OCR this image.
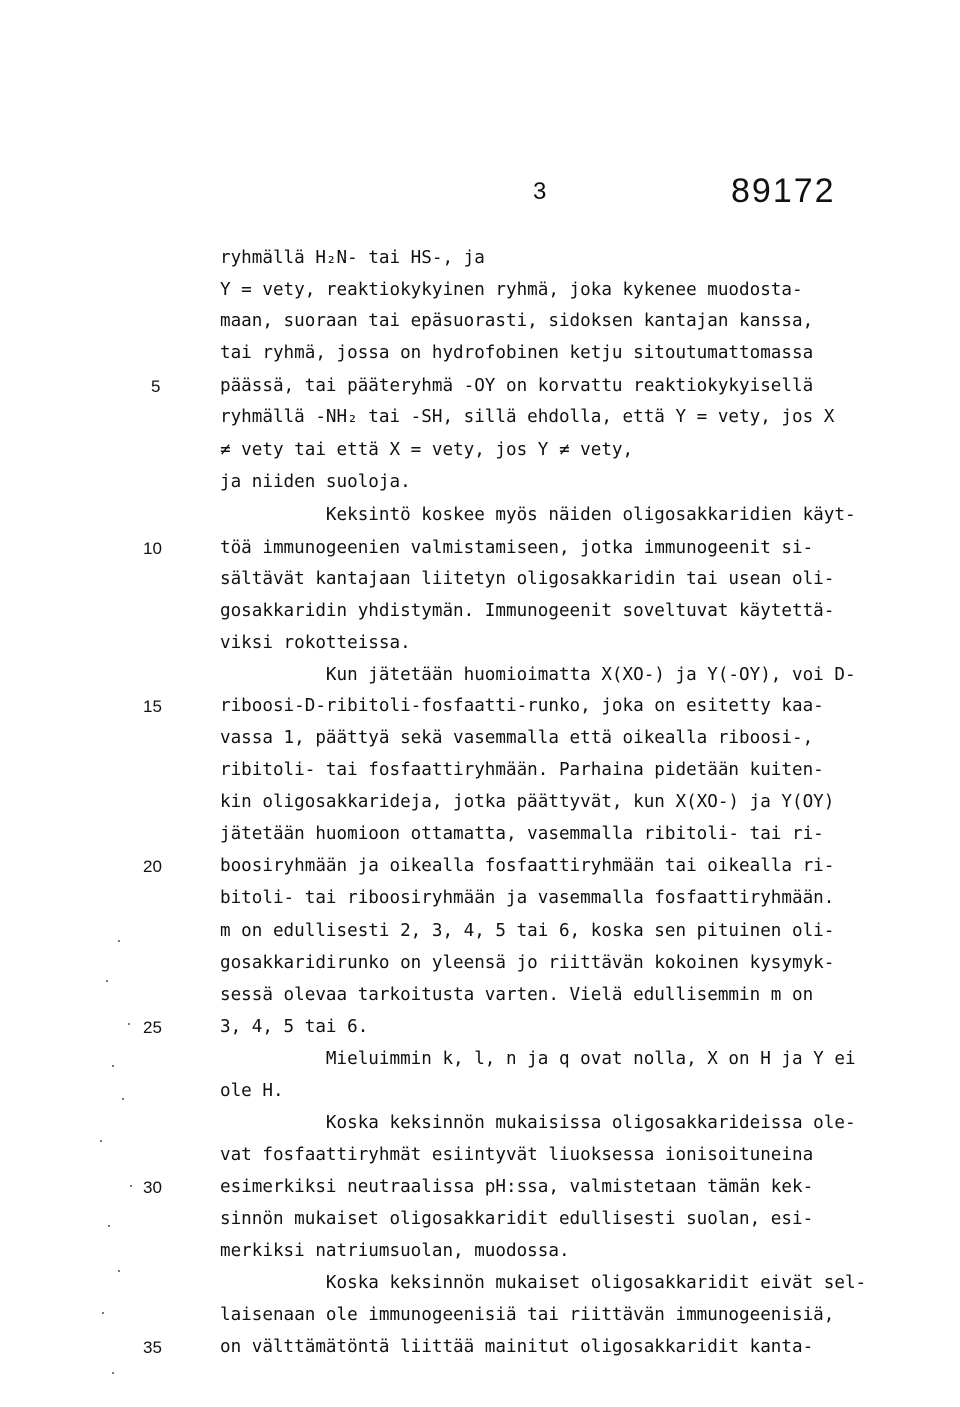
3	89172
ryhmällä H₂N- tai HS-, ja
Y = vety, reaktiokykyinen ryhmä, joka kykenee muodosta-
maan, suoraan tai epäsuorasti, sidoksen kantajan kanssa,
tai ryhmä, jossa on hydrofobinen ketju sitoutumattomassa
päässä, tai pääteryhmä -OY on korvattu reaktiokykyisellä
ryhmällä -NH₂ tai -SH, sillä ehdolla, että Y = vety, jos X
≠ vety tai että X = vety, jos Y ≠ vety,
ja niiden suoloja.
Keksintö koskee myös näiden oligosakkaridien käyt-
töä immunogeenien valmistamiseen, jotka immunogeenit si-
sältävät kantajaan liitetyn oligosakkaridin tai usean oli-
gosakkaridin yhdistymän. Immunogeenit soveltuvat käytettä-
viksi rokotteissa.
Kun jätetään huomioimatta X(XO-) ja Y(-OY), voi D-
riboosi-D-ribitoli-fosfaatti-runko, joka on esitetty kaa-
vassa 1, päättyä sekä vasemmalla että oikealla riboosi-,
ribitoli- tai fosfaattiryhmään. Parhaina pidetään kuiten-
kin oligosakkarideja, jotka päättyvät, kun X(XO-) ja Y(OY)
jätetään huomioon ottamatta, vasemmalla ribitoli- tai ri-
boosiryhmään ja oikealla fosfaattiryhmään tai oikealla ri-
bitoli- tai riboosiryhmään ja vasemmalla fosfaattiryhmään.
m on edullisesti 2, 3, 4, 5 tai 6, koska sen pituinen oli-
gosakkaridirunko on yleensä jo riittävän kokoinen kysymyk-
sessä olevaa tarkoitusta varten. Vielä edullisemmin m on
3, 4, 5 tai 6.
Mieluimmin k, l, n ja q ovat nolla, X on H ja Y ei
ole H.
Koska keksinnön mukaisissa oligosakkarideissa ole-
vat fosfaattiryhmät esiintyvät liuoksessa ionisoituneina
esimerkiksi neutraalissa pH:ssa, valmistetaan tämän kek-
sinnön mukaiset oligosakkaridit edullisesti suolan, esi-
merkiksi natriumsuolan, muodossa.
Koska keksinnön mukaiset oligosakkaridit eivät sel-
laisenaan ole immunogeenisiä tai riittävän immunogeenisiä,
on välttämätöntä liittää mainitut oligosakkaridit kanta-
5
10
15
20
25
30
35
